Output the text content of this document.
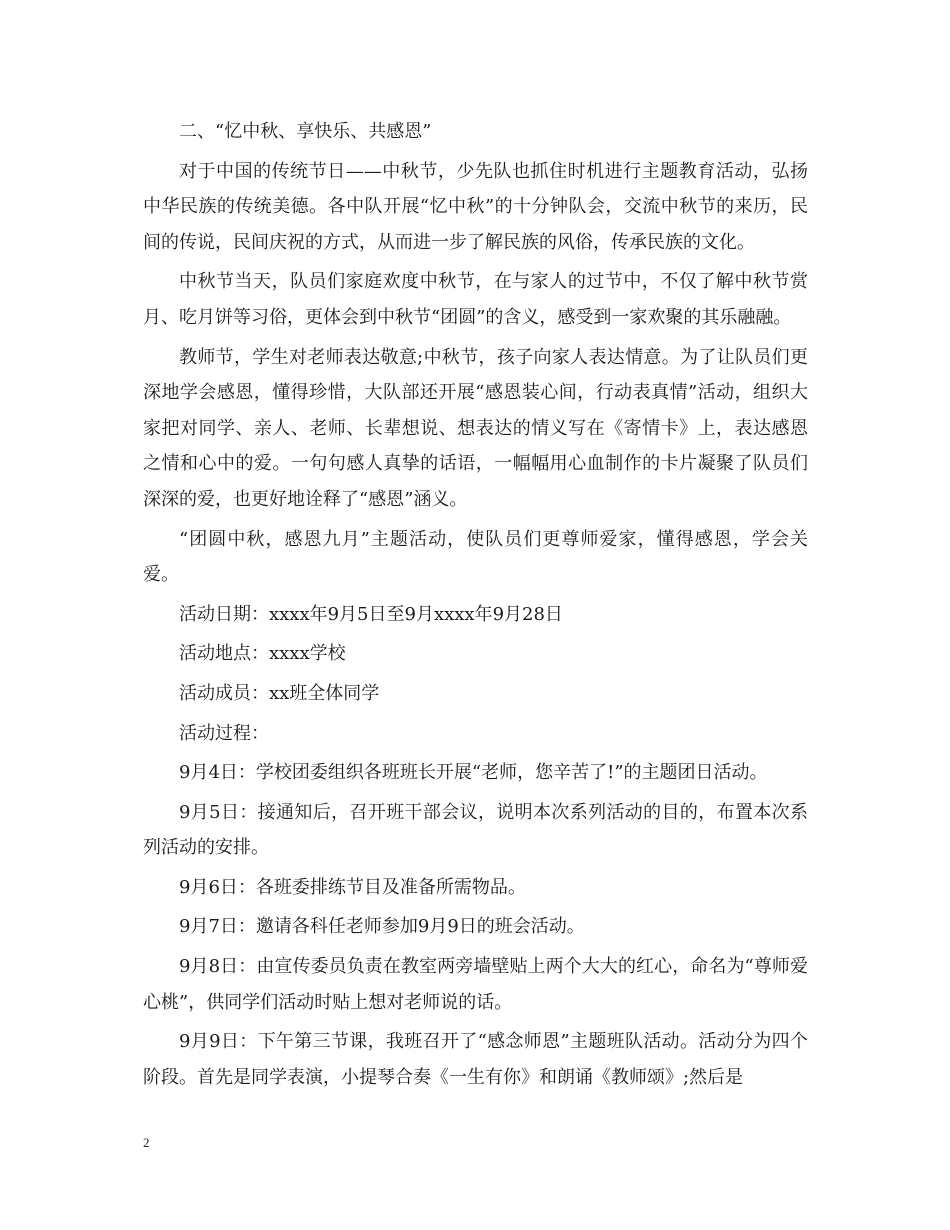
二、“忆中秋、享快乐、共感恩”

对于中国的传统节日——中秋节，少先队也抓住时机进行主题教育活动，弘扬中华民族的传统美德。各中队开展“忆中秋”的十分钟队会，交流中秋节的来历，民间的传说，民间庆祝的方式，从而进一步了解民族的风俗，传承民族的文化。

中秋节当天，队员们家庭欢度中秋节，在与家人的过节中，不仅了解中秋节赏月、吃月饼等习俗，更体会到中秋节“团圆”的含义，感受到一家欢聚的其乐融融。

教师节，学生对老师表达敬意;中秋节，孩子向家人表达情意。为了让队员们更深地学会感恩，懂得珍惜，大队部还开展“感恩装心间，行动表真情”活动，组织大家把对同学、亲人、老师、长辈想说、想表达的情义写在《寄情卡》上，表达感恩之情和心中的爱。一句句感人真挚的话语，一幅幅用心血制作的卡片凝聚了队员们深深的爱，也更好地诠释了“感恩”涵义。

“团圆中秋，感恩九月”主题活动，使队员们更尊师爱家，懂得感恩，学会关爱。

活动日期：xxxx年9月5日至9月xxxx年9月28日

活动地点：xxxx学校

活动成员：xx班全体同学

活动过程：

9月4日：学校团委组织各班班长开展“老师，您辛苦了!”的主题团日活动。

9月5日：接通知后，召开班干部会议，说明本次系列活动的目的，布置本次系列活动的安排。

9月6日：各班委排练节目及准备所需物品。

9月7日：邀请各科任老师参加9月9日的班会活动。

9月8日：由宣传委员负责在教室两旁墙壁贴上两个大大的红心，命名为“尊师爱心桃”，供同学们活动时贴上想对老师说的话。

9月9日：下午第三节课，我班召开了“感念师恩”主题班队活动。活动分为四个阶段。首先是同学表演，小提琴合奏《一生有你》和朗诵《教师颂》;然后是

2
